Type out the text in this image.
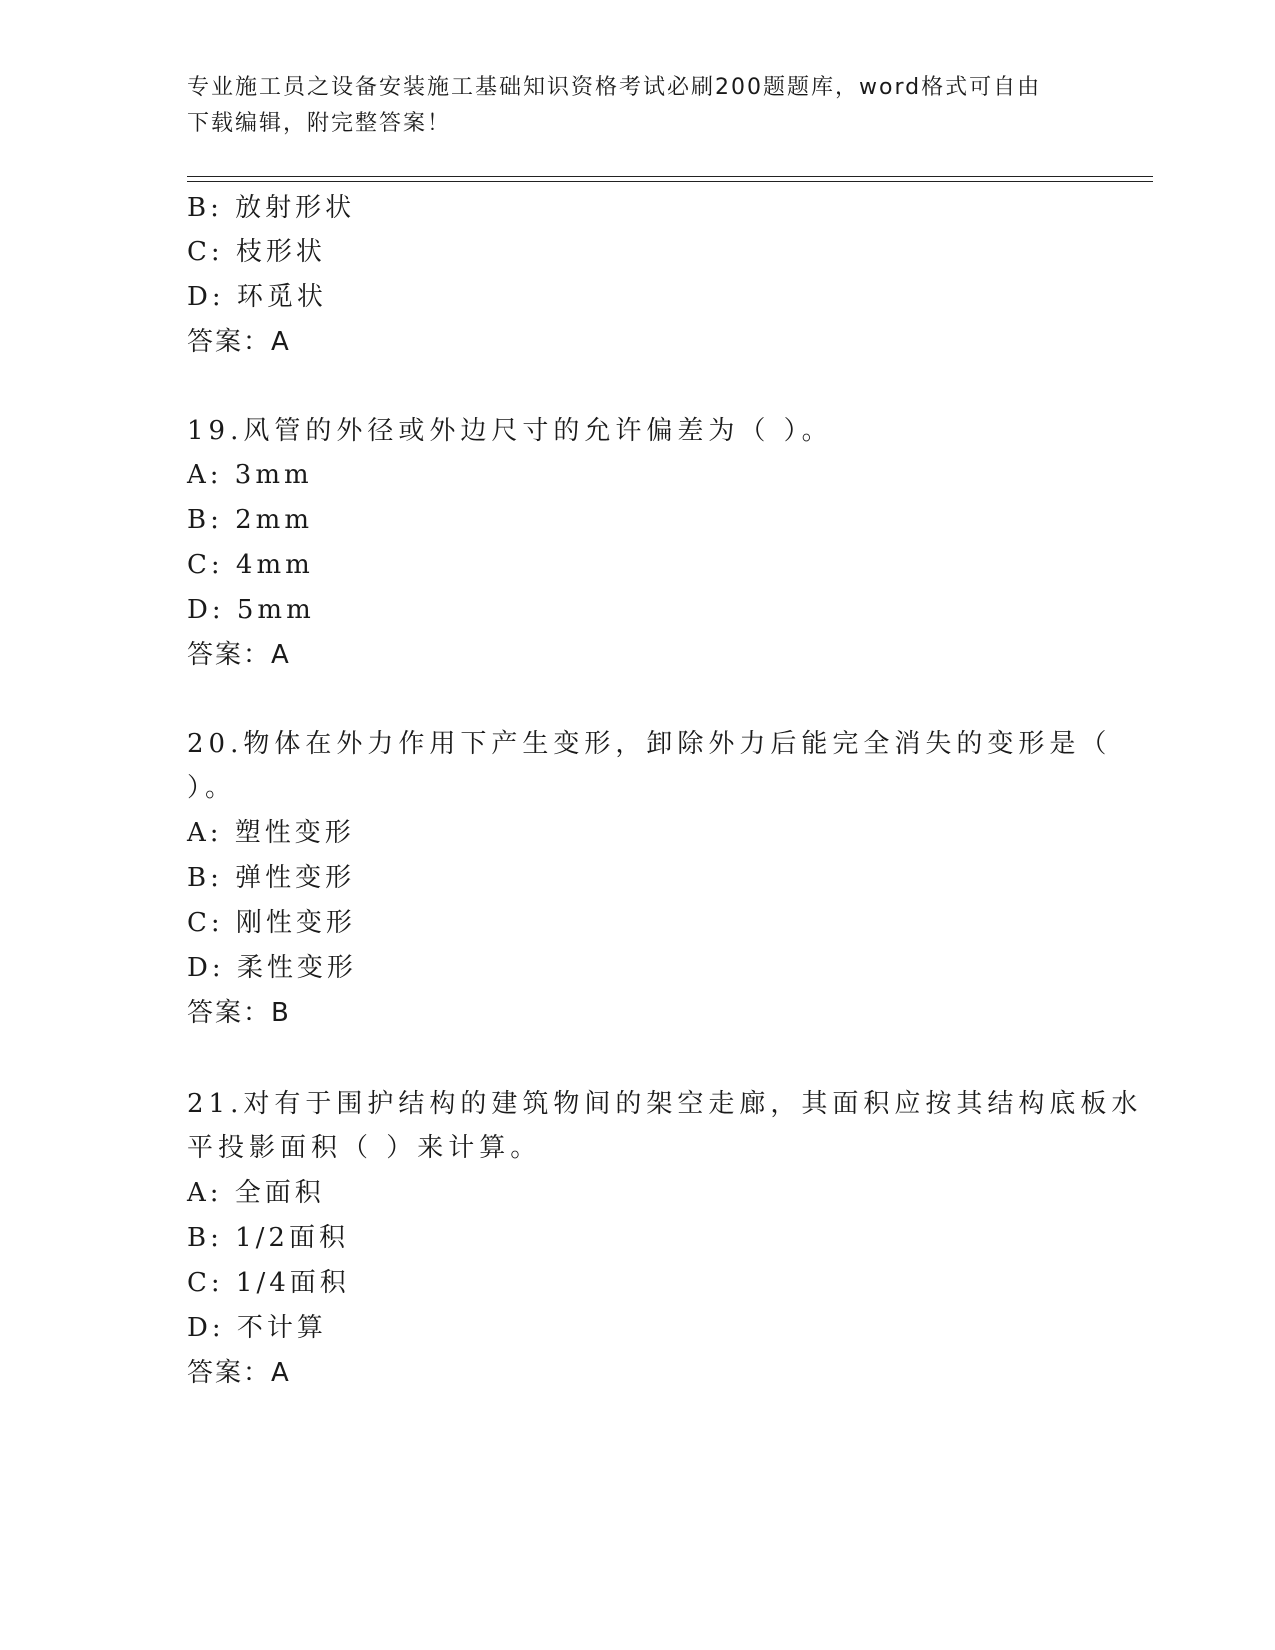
专业施工员之设备安装施工基础知识资格考试必刷200题题库，word格式可自由
下载编辑，附完整答案！
B: 放射形状
C: 枝形状
D: 环觅状
答案：A
19.风管的外径或外边尺寸的允许偏差为（ ）。
A: 3mm
B: 2mm
C: 4mm
D: 5mm
答案：A
20.物体在外力作用下产生变形，卸除外力后能完全消失的变形是（
）。
A: 塑性变形
B: 弹性变形
C: 刚性变形
D: 柔性变形
答案：B
21.对有于围护结构的建筑物间的架空走廊，其面积应按其结构底板水
平投影面积（ ）来计算。
A: 全面积
B: 1/2面积
C: 1/4面积
D: 不计算
答案：A
